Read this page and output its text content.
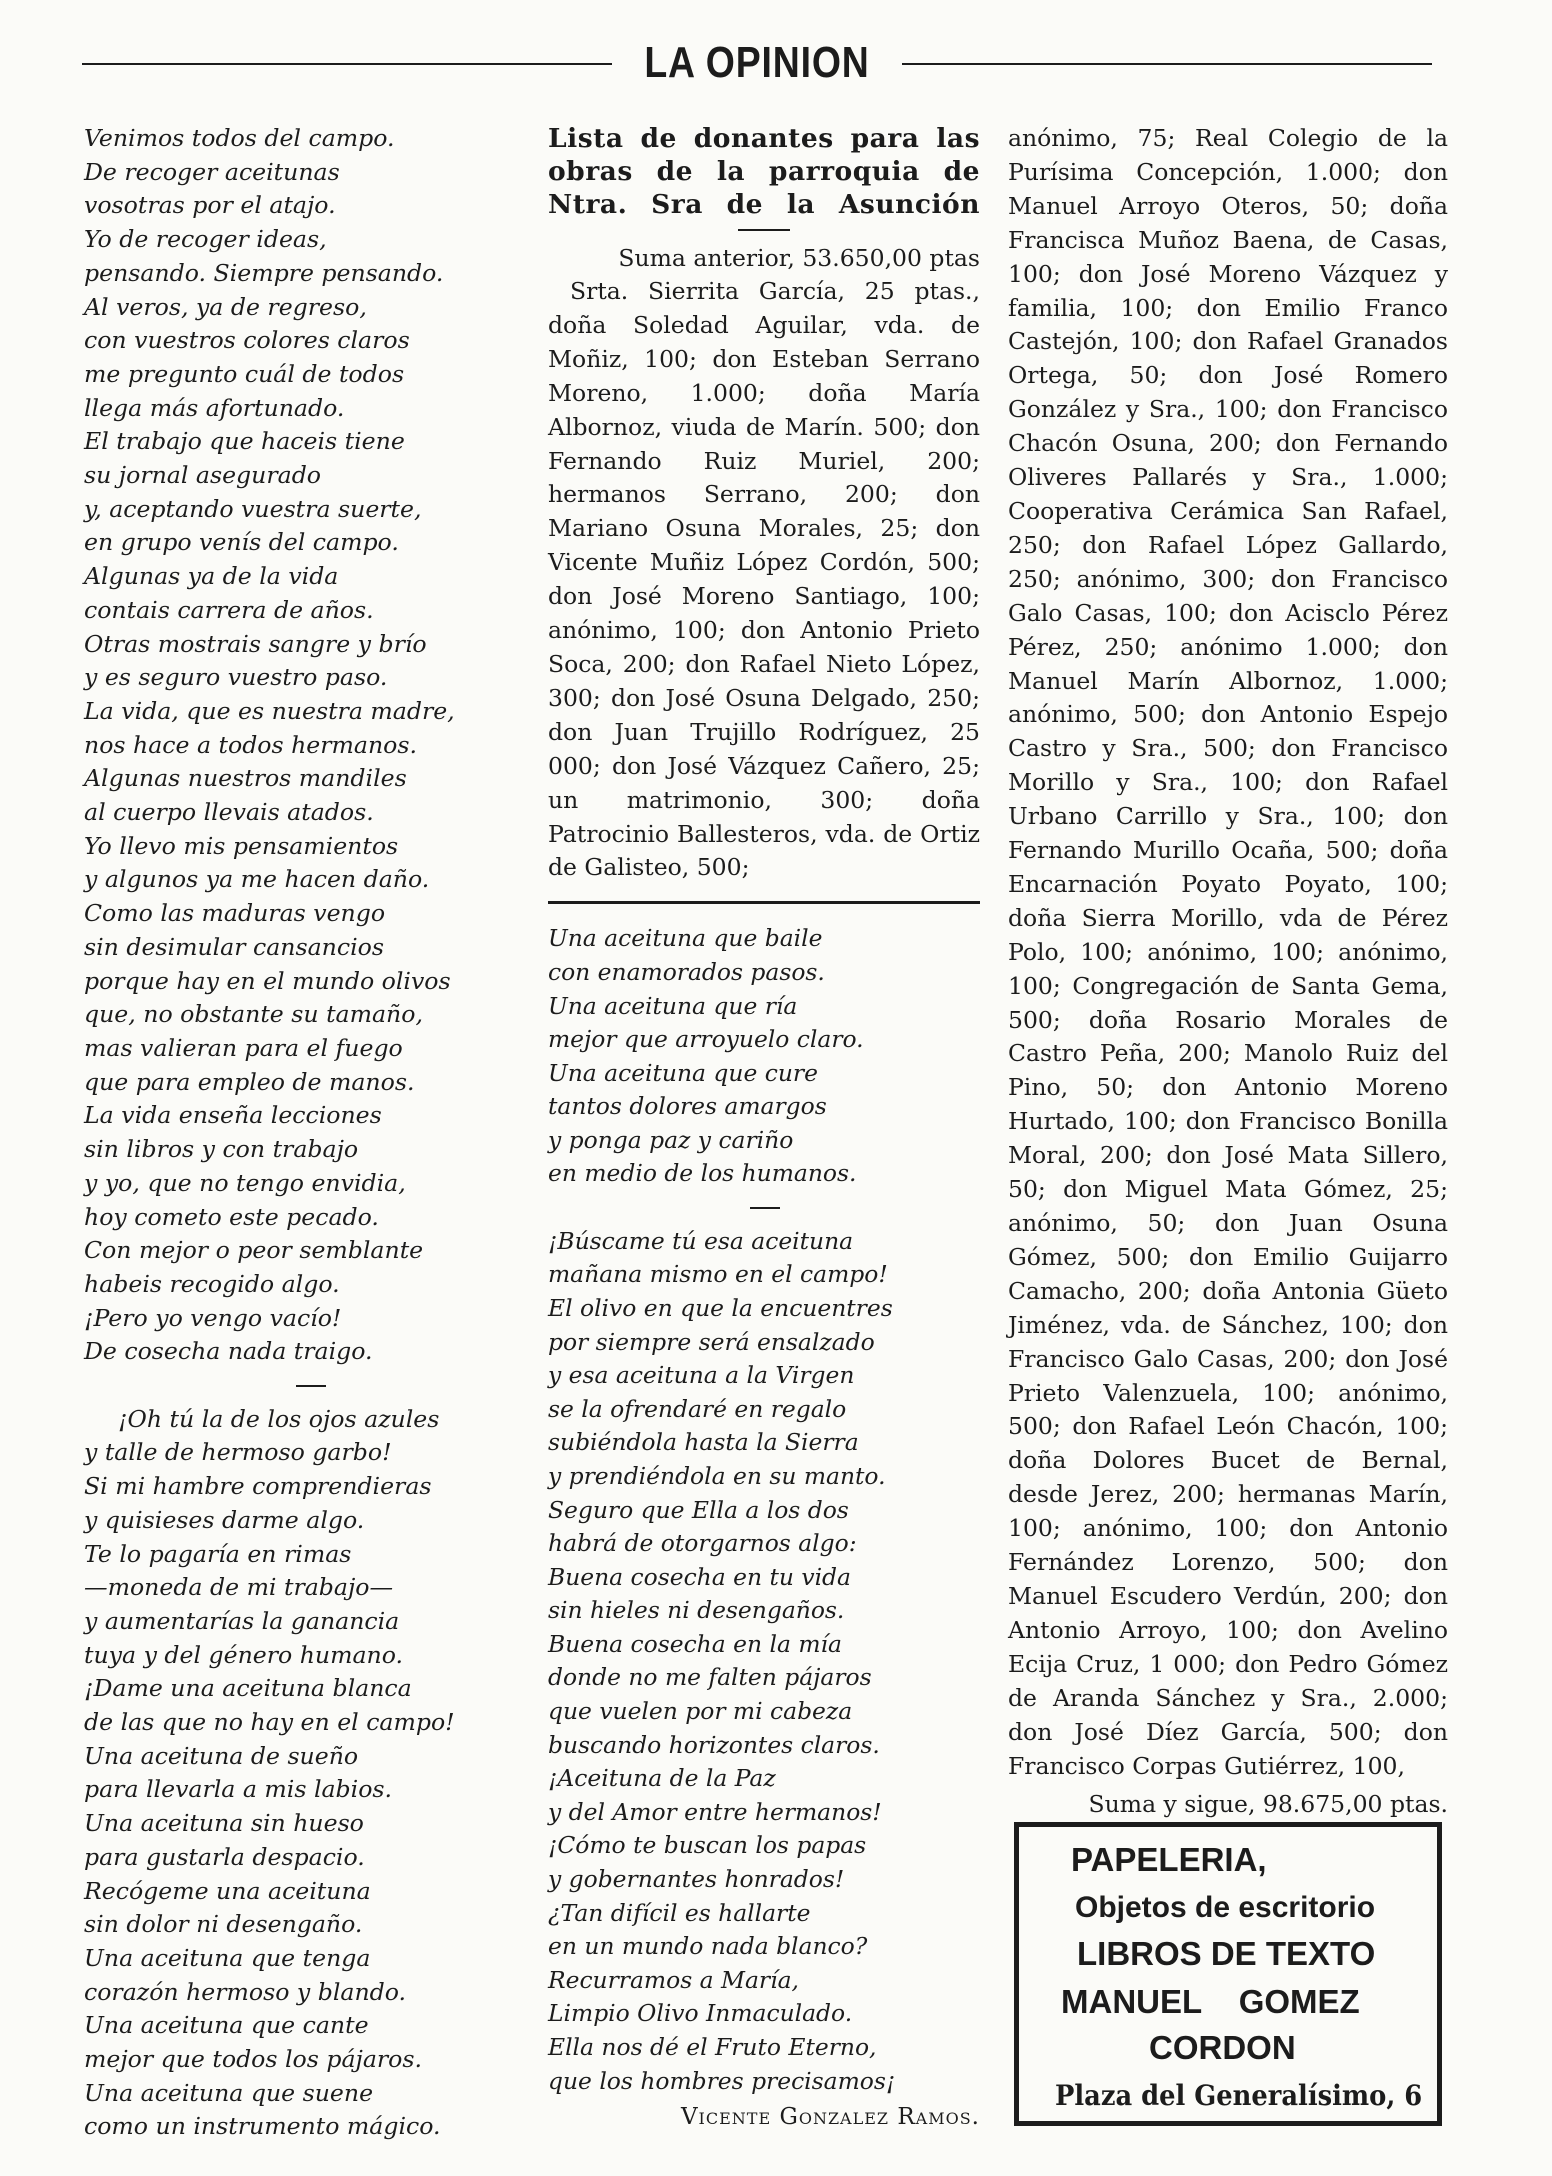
LA OPINION
Venimos todos del campo.
De recoger aceitunas
vosotras por el atajo.
Yo de recoger ideas,
pensando. Siempre pensando.
Al veros, ya de regreso,
con vuestros colores claros
me pregunto cuál de todos
llega más afortunado.
El trabajo que haceis tiene
su jornal asegurado
y, aceptando vuestra suerte,
en grupo venís del campo.
Algunas ya de la vida
contais carrera de años.
Otras mostrais sangre y brío
y es seguro vuestro paso.
La vida, que es nuestra madre,
nos hace a todos hermanos.
Algunas nuestros mandiles
al cuerpo llevais atados.
Yo llevo mis pensamientos
y algunos ya me hacen daño.
Como las maduras vengo
sin desimular cansancios
porque hay en el mundo olivos
que, no obstante su tamaño,
mas valieran para el fuego
que para empleo de manos.
La vida enseña lecciones
sin libros y con trabajo
y yo, que no tengo envidia,
hoy cometo este pecado.
Con mejor o peor semblante
habeis recogido algo.
¡Pero yo vengo vacío!
De cosecha nada traigo.
¡Oh tú la de los ojos azules
y talle de hermoso garbo!
Si mi hambre comprendieras
y quisieses darme algo.
Te lo pagaría en rimas
—moneda de mi trabajo—
y aumentarías la ganancia
tuya y del género humano.
¡Dame una aceituna blanca
de las que no hay en el campo!
Una aceituna de sueño
para llevarla a mis labios.
Una aceituna sin hueso
para gustarla despacio.
Recógeme una aceituna
sin dolor ni desengaño.
Una aceituna que tenga
corazón hermoso y blando.
Una aceituna que cante
mejor que todos los pájaros.
Una aceituna que suene
como un instrumento mágico.
Lista de donantes para las obras de la parroquia de Ntra. Sra de la Asunción
Suma anterior, 53.650,00 ptas

Srta. Sierrita García, 25 ptas., doña Soledad Aguilar, vda. de Moñiz, 100; don Esteban Serrano Moreno, 1.000; doña María Albornoz, viuda de Marín. 500; don Fernando Ruiz Muriel, 200; hermanos Serrano, 200; don Mariano Osuna Morales, 25; don Vicente Muñiz López Cordón, 500; don José Moreno Santiago, 100; anónimo, 100; don Antonio Prieto Soca, 200; don Rafael Nieto López, 300; don José Osuna Delgado, 250; don Juan Trujillo Rodríguez, 25 000; don José Vázquez Cañero, 25; un matrimonio, 300; doña Patrocinio Ballesteros, vda. de Ortiz de Galisteo, 500;

Una aceituna que baile
con enamorados pasos.
Una aceituna que ría
mejor que arroyuelo claro.
Una aceituna que cure
tantos dolores amargos
y ponga paz y cariño
en medio de los humanos.
¡Búscame tú esa aceituna
mañana mismo en el campo!
El olivo en que la encuentres
por siempre será ensalzado
y esa aceituna a la Virgen
se la ofrendaré en regalo
subiéndola hasta la Sierra
y prendiéndola en su manto.
Seguro que Ella a los dos
habrá de otorgarnos algo:
Buena cosecha en tu vida
sin hieles ni desengaños.
Buena cosecha en la mía
donde no me falten pájaros
que vuelen por mi cabeza
buscando horizontes claros.
¡Aceituna de la Paz
y del Amor entre hermanos!
¡Cómo te buscan los papas
y gobernantes honrados!
¿Tan difícil es hallarte
en un mundo nada blanco?
Recurramos a María,
Limpio Olivo Inmaculado.
Ella nos dé el Fruto Eterno,
que los hombres precisamos¡
Vicente Gonzalez Ramos.

anónimo, 75; Real Colegio de la Purísima Concepción, 1.000; don Manuel Arroyo Oteros, 50; doña Francisca Muñoz Baena, de Casas, 100; don José Moreno Vázquez y familia, 100; don Emilio Franco Castejón, 100; don Rafael Granados Ortega, 50; don José Romero González y Sra., 100; don Francisco Chacón Osuna, 200; don Fernando Oliveres Pallarés y Sra., 1.000; Cooperativa Cerámica San Rafael, 250; don Rafael López Gallardo, 250; anónimo, 300; don Francisco Galo Casas, 100; don Acisclo Pérez Pérez, 250; anónimo 1.000; don Manuel Marín Albornoz, 1.000; anónimo, 500; don Antonio Espejo Castro y Sra., 500; don Francisco Morillo y Sra., 100; don Rafael Urbano Carrillo y Sra., 100; don Fernando Murillo Ocaña, 500; doña Encarnación Poyato Poyato, 100; doña Sierra Morillo, vda de Pérez Polo, 100; anónimo, 100; anónimo, 100; Congregación de Santa Gema, 500; doña Rosario Morales de Castro Peña, 200; Manolo Ruiz del Pino, 50; don Antonio Moreno Hurtado, 100; don Francisco Bonilla Moral, 200; don José Mata Sillero, 50; don Miguel Mata Gómez, 25; anónimo, 50; don Juan Osuna Gómez, 500; don Emilio Guijarro Camacho, 200; doña Antonia Güeto Jiménez, vda. de Sánchez, 100; don Francisco Galo Casas, 200; don José Prieto Valenzuela, 100; anónimo, 500; don Rafael León Chacón, 100; doña Dolores Bucet de Bernal, desde Jerez, 200; hermanas Marín, 100; anónimo, 100; don Antonio Fernández Lorenzo, 500; don Manuel Escudero Verdún, 200; don Antonio Arroyo, 100; don Avelino Ecija Cruz, 1 000; don Pedro Gómez de Aranda Sánchez y Sra., 2.000; don José Díez García, 500; don Francisco Corpas Gutiérrez, 100,

Suma y sigue, 98.675,00 ptas.
PAPELERIA,
Objetos de escritorio
LIBROS DE TEXTO
MANUEL GOMEZ
CORDON
Plaza del Generalísimo, 6
